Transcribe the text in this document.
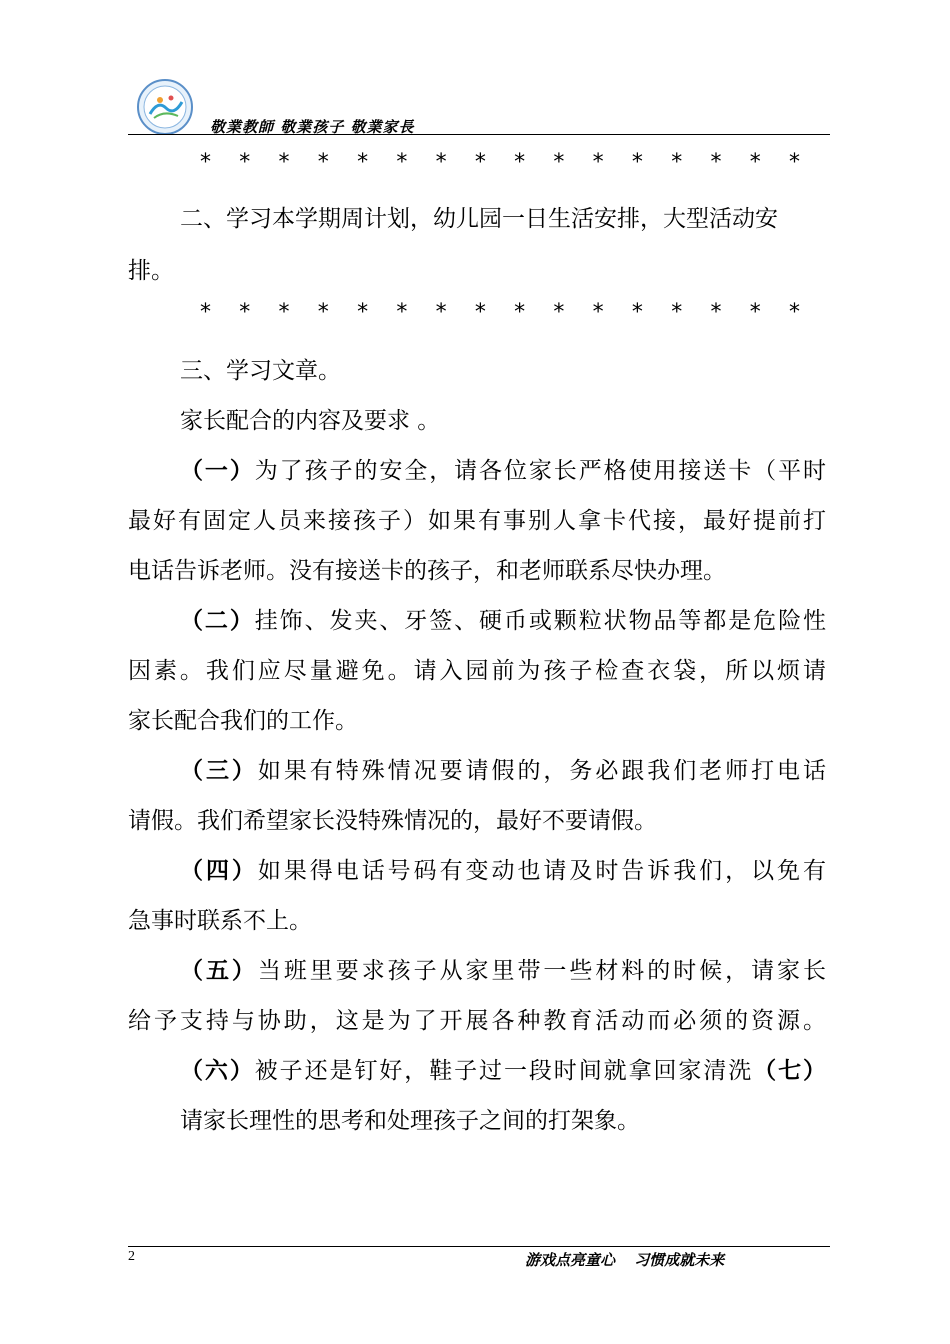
敬業教師 敬業孩子 敬業家長
* * * * * * * * * * * * * * * *
二、学习本学期周计划，幼儿园一日生活安排，大型活动安
排。
* * * * * * * * * * * * * * * *
三、学习文章。
家长配合的内容及要求 。
（一）为了孩子的安全，请各位家长严格使用接送卡（平时
最好有固定人员来接孩子）如果有事别人拿卡代接，最好提前打
电话告诉老师。没有接送卡的孩子，和老师联系尽快办理。
（二）挂饰、发夹、牙签、硬币或颗粒状物品等都是危险性
因素。我们应尽量避免。请入园前为孩子检查衣袋，所以烦请
家长配合我们的工作。
（三）如果有特殊情况要请假的，务必跟我们老师打电话
请假。我们希望家长没特殊情况的，最好不要请假。
（四）如果得电话号码有变动也请及时告诉我们，以免有
急事时联系不上。
（五）当班里要求孩子从家里带一些材料的时候，请家长
给予支持与协助，这是为了开展各种教育活动而必须的资源。
（六）被子还是钉好，鞋子过一段时间就拿回家清洗（七）
请家长理性的思考和处理孩子之间的打架象。
2	游戏点亮童心 习惯成就未来
